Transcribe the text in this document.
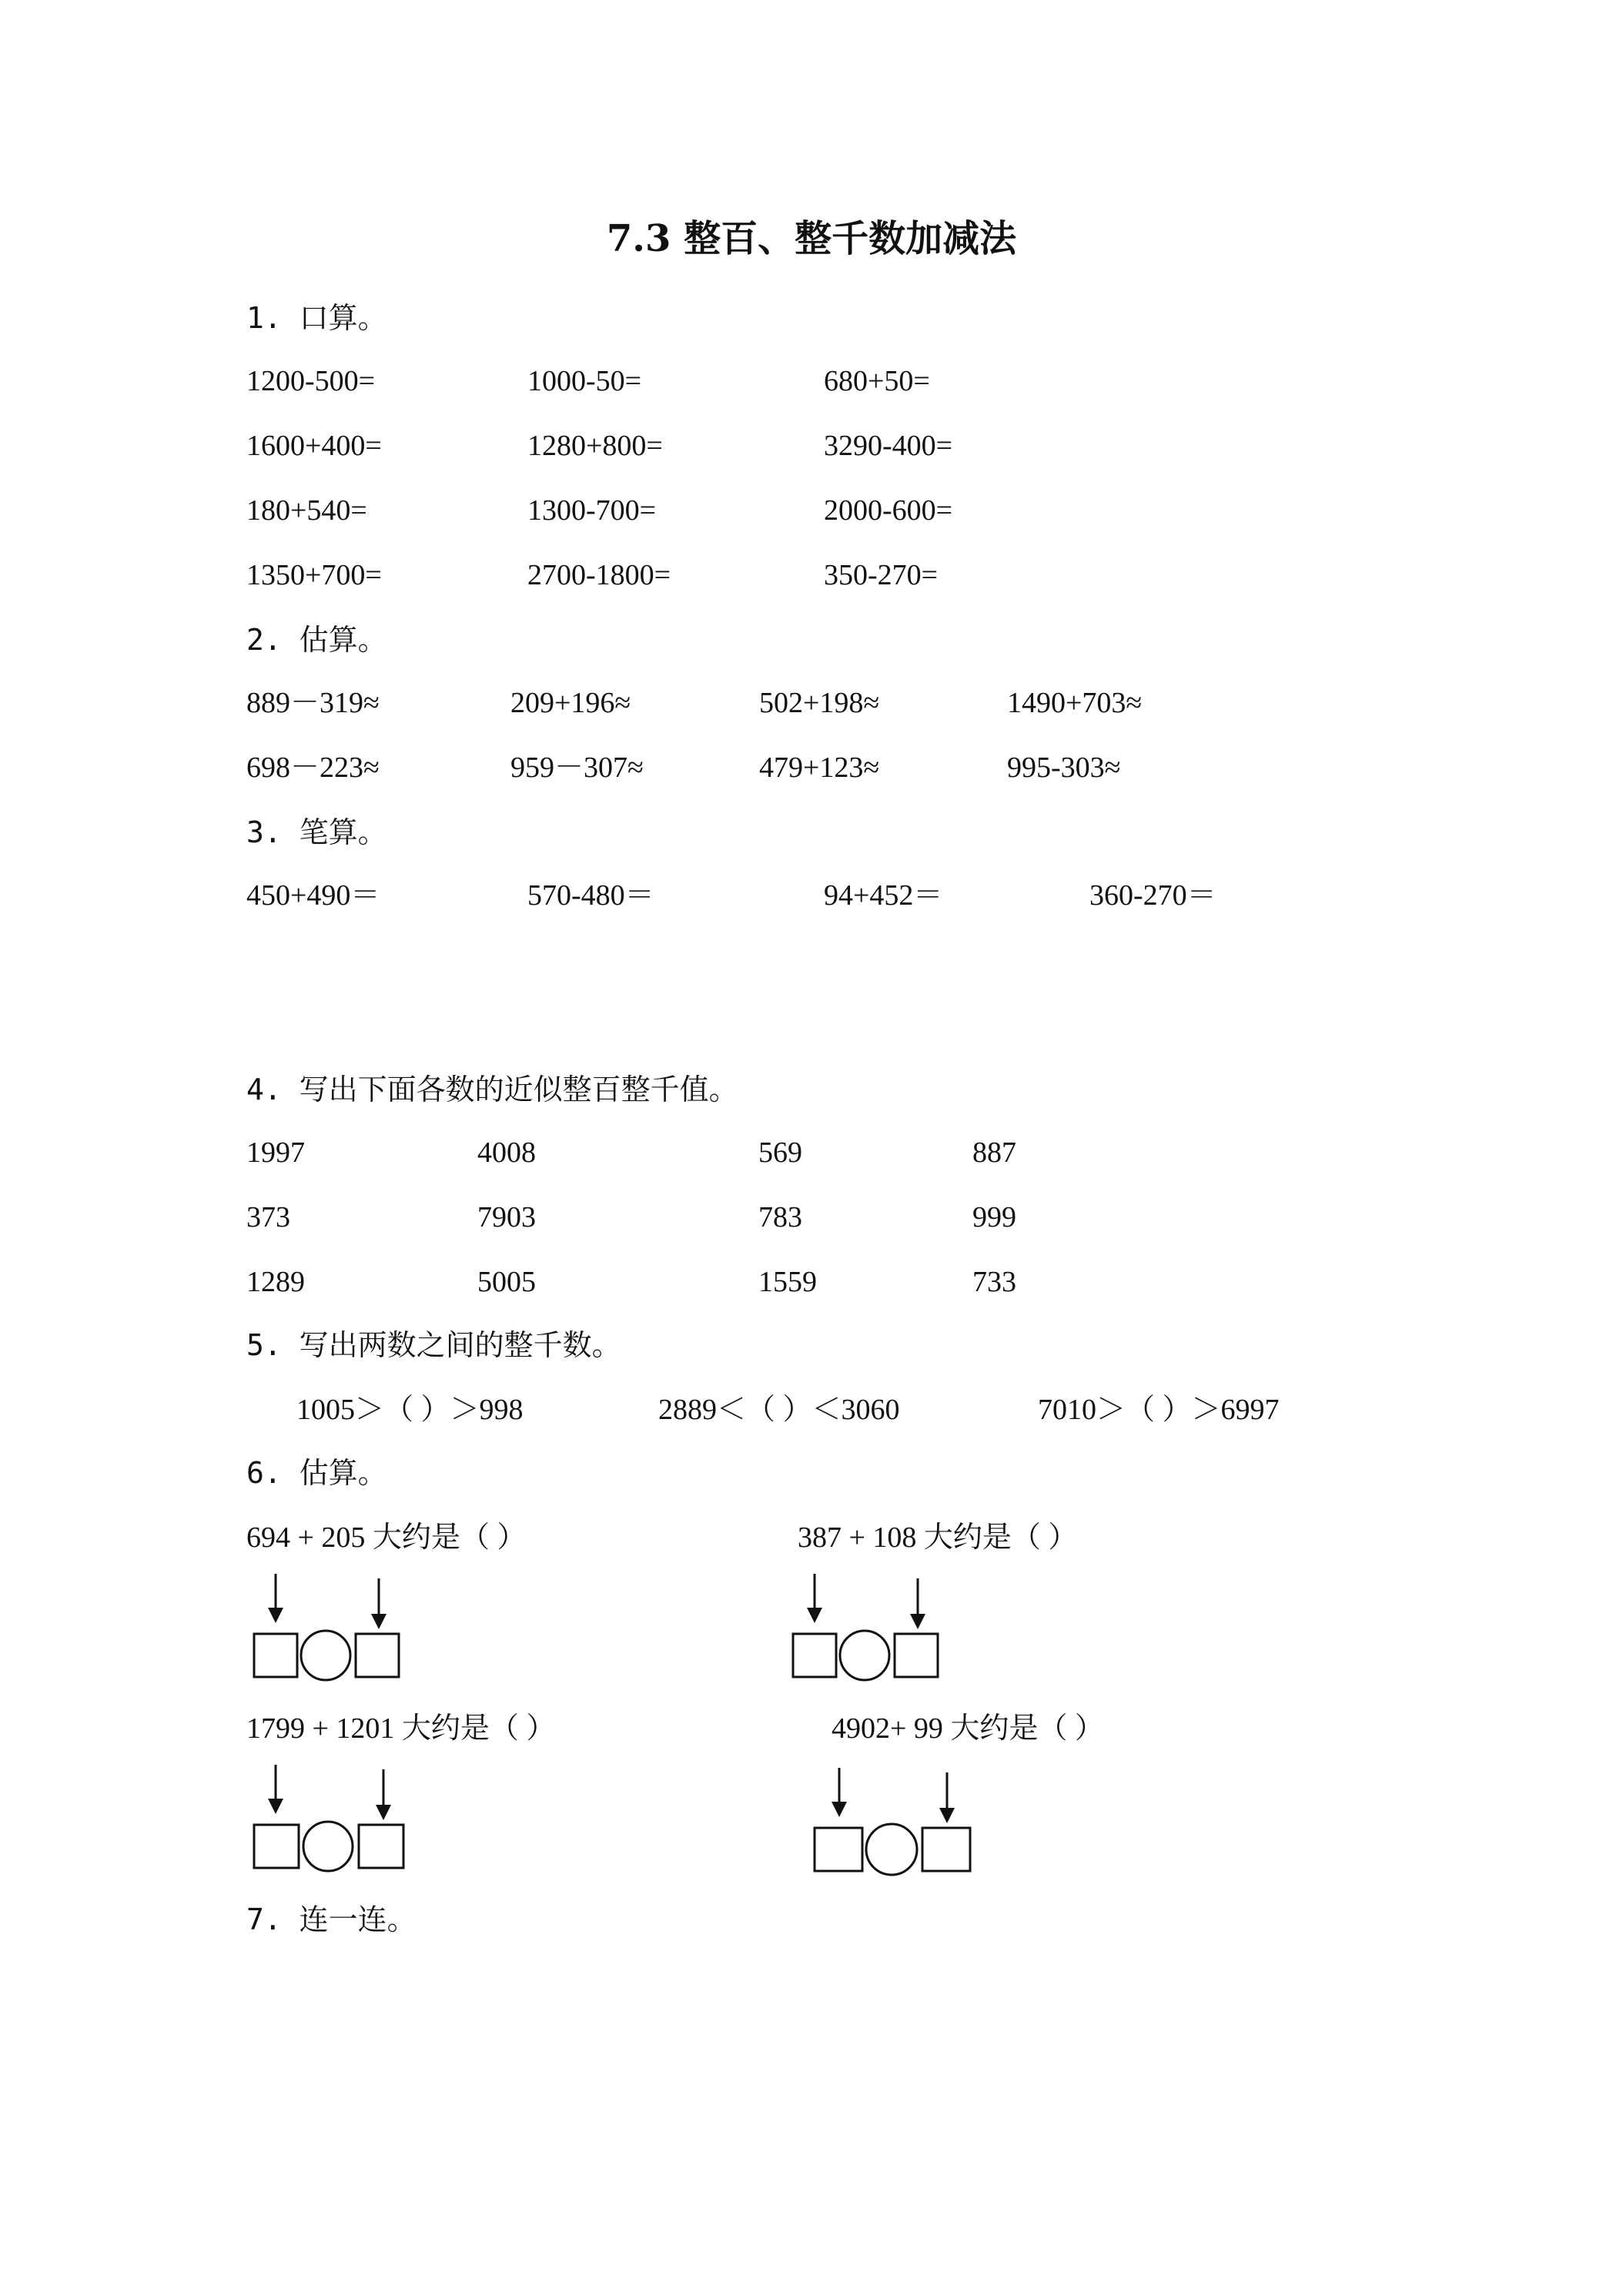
7.3 整百、整千数加减法
1. 口算。
1200-500=	1000-50=	680+50=
1600+400=	1280+800=	3290-400=
180+540=	1300-700=	2000-600=
1350+700=	2700-1800=	350-270=
2. 估算。
889－319≈	209+196≈	502+198≈	1490+703≈
698－223≈	959－307≈	479+123≈	995-303≈
3. 笔算。
450+490＝	570-480＝	94+452＝	360-270＝
4. 写出下面各数的近似整百整千值。
1997	4008	569	887
373	7903	783	999
1289	5005	1559	733
5. 写出两数之间的整千数。
1005＞（ ）＞998	2889＜（ ）＜3060	7010＞（ ）＞6997
6. 估算。
694 + 205 大约是（ ）	387 + 108 大约是（ ）
1799 + 1201 大约是（ ）	4902+ 99 大约是（ ）
7. 连一连。
